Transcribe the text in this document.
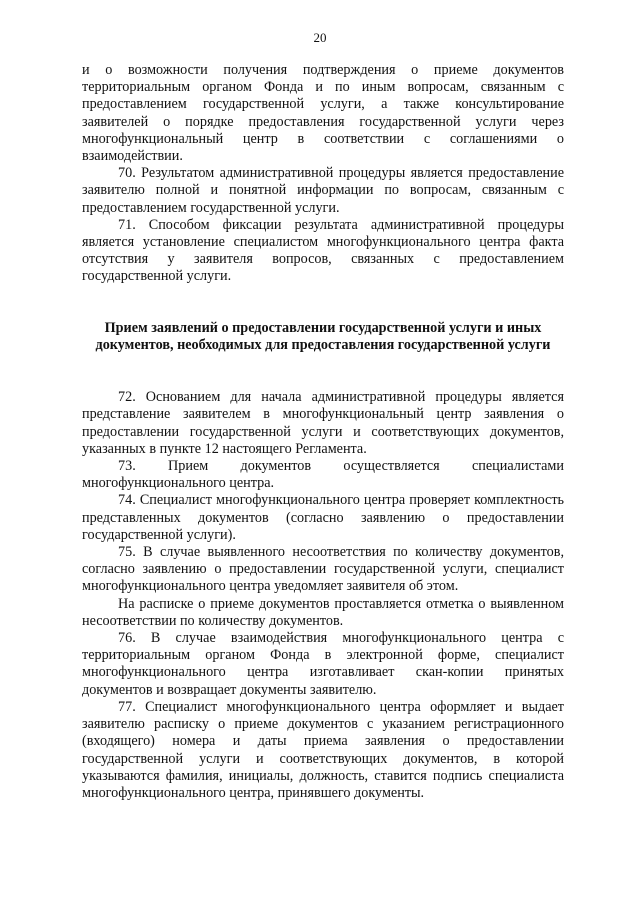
20

и о возможности получения подтверждения о приеме документов территориальным органом Фонда и по иным вопросам, связанным с предоставлением государственной услуги, а также консультирование заявителей о порядке предоставления государственной услуги через многофункциональный центр в соответствии с соглашениями о взаимодействии.

70. Результатом административной процедуры является предоставление заявителю полной и понятной информации по вопросам, связанным с предоставлением государственной услуги.

71. Способом фиксации результата административной процедуры является установление специалистом многофункционального центра факта отсутствия у заявителя вопросов, связанных с предоставлением государственной услуги.

Прием заявлений о предоставлении государственной услуги и иных документов, необходимых для предоставления государственной услуги

72. Основанием для начала административной процедуры является представление заявителем в многофункциональный центр заявления о предоставлении государственной услуги и соответствующих документов, указанных в пункте 12 настоящего Регламента.

73. Прием документов осуществляется специалистами многофункционального центра.

74. Специалист многофункционального центра проверяет комплектность представленных документов (согласно заявлению о предоставлении государственной услуги).

75. В случае выявленного несоответствия по количеству документов, согласно заявлению о предоставлении государственной услуги, специалист многофункционального центра уведомляет заявителя об этом.

На расписке о приеме документов проставляется отметка о выявленном несоответствии по количеству документов.

76. В случае взаимодействия многофункционального центра с территориальным органом Фонда в электронной форме, специалист многофункционального центра изготавливает скан-копии принятых документов и возвращает документы заявителю.

77. Специалист многофункционального центра оформляет и выдает заявителю расписку о приеме документов с указанием регистрационного (входящего) номера и даты приема заявления о предоставлении государственной услуги и соответствующих документов, в которой указываются фамилия, инициалы, должность, ставится подпись специалиста многофункционального центра, принявшего документы.
